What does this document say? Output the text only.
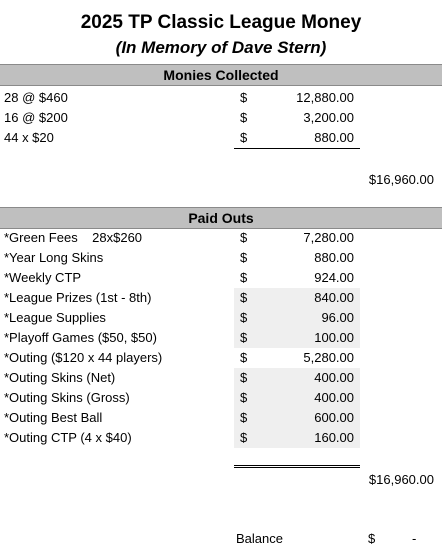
2025 TP Classic League Money
(In Memory of Dave Stern)
Monies Collected
28 @ $460	$	12,880.00
16 @ $200	$	3,200.00
44 x $20	$	880.00
$16,960.00
Paid Outs
*Green Fees    28x$260	$	7,280.00
*Year Long Skins	$	880.00
*Weekly CTP	$	924.00
*League Prizes (1st - 8th)	$	840.00
*League Supplies	$	96.00
*Playoff Games ($50, $50)	$	100.00
*Outing ($120 x 44 players)	$	5,280.00
*Outing Skins (Net)	$	400.00
*Outing Skins (Gross)	$	400.00
*Outing Best Ball	$	600.00
*Outing CTP (4 x $40)	$	160.00
$16,960.00
Balance	$	-
